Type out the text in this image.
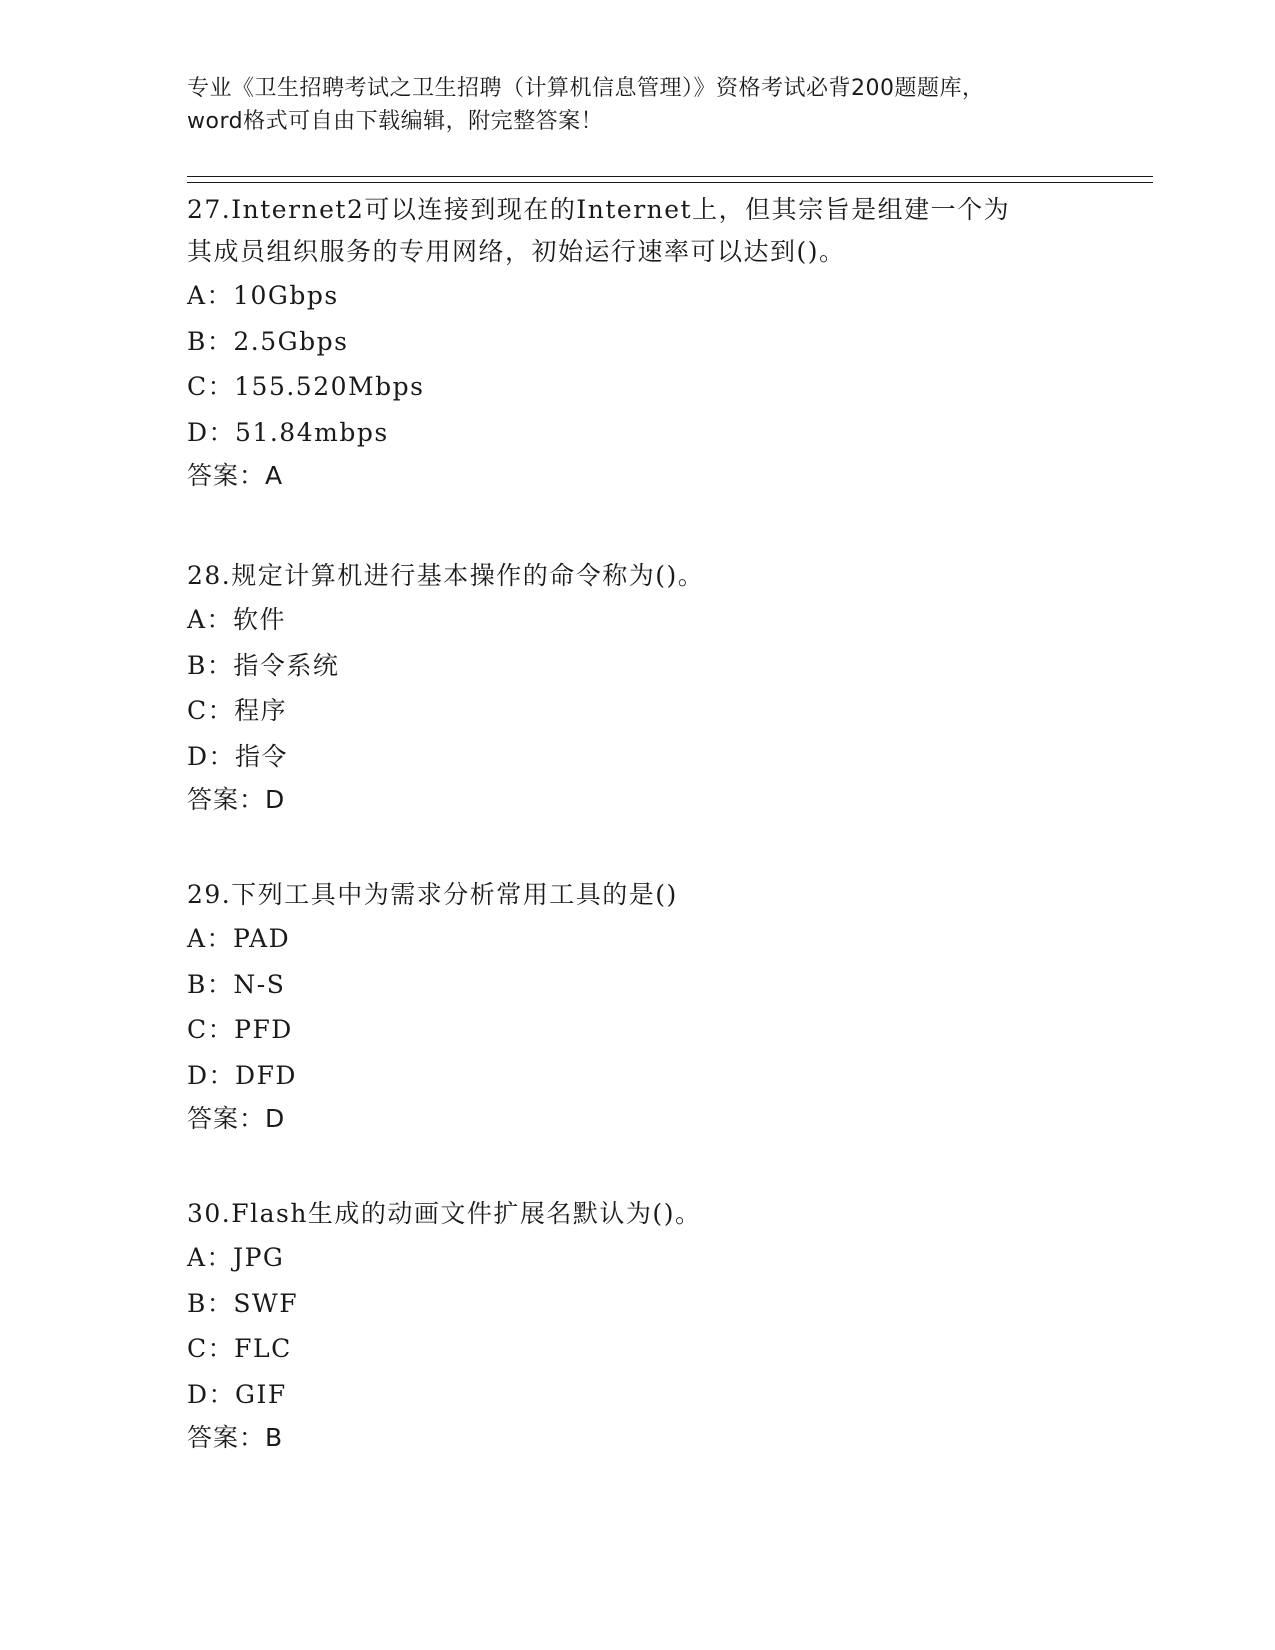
专业《卫生招聘考试之卫生招聘（计算机信息管理）》资格考试必背200题题库，
word格式可自由下载编辑，附完整答案！
27.Internet2可以连接到现在的Internet上，但其宗旨是组建一个为
其成员组织服务的专用网络，初始运行速率可以达到()。
A：10Gbps
B：2.5Gbps
C：155.520Mbps
D：51.84mbps
答案：A
28.规定计算机进行基本操作的命令称为()。
A：软件
B：指令系统
C：程序
D：指令
答案：D
29.下列工具中为需求分析常用工具的是()
A：PAD
B：N-S
C：PFD
D：DFD
答案：D
30.Flash生成的动画文件扩展名默认为()。
A：JPG
B：SWF
C：FLC
D：GIF
答案：B
